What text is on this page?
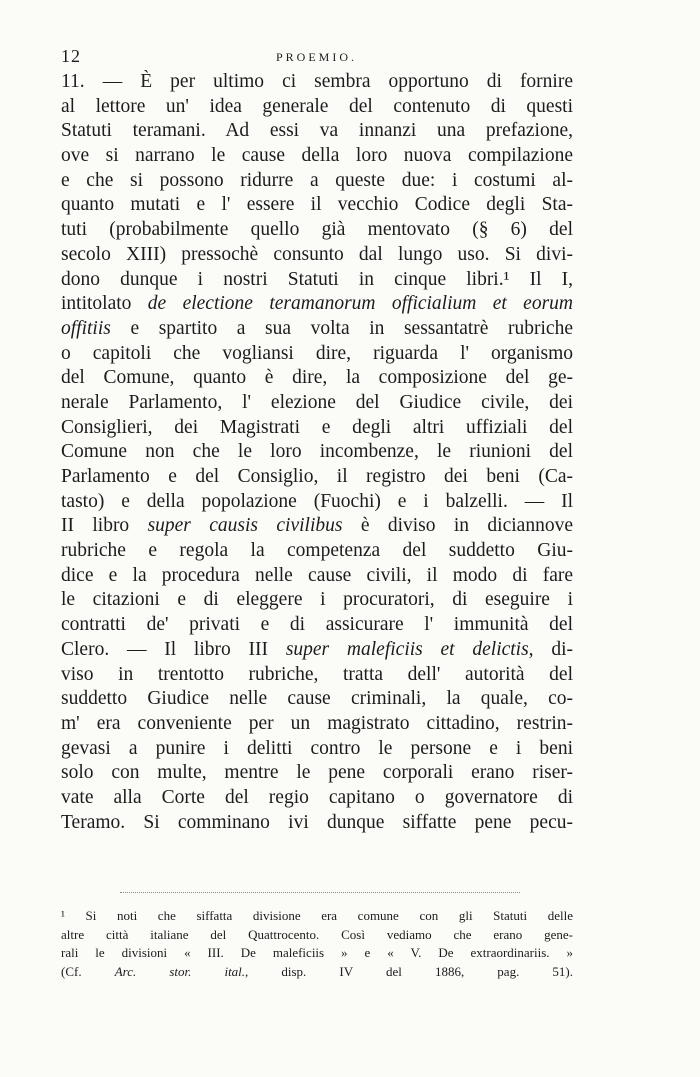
12	PROEMIO.
11. — È per ultimo ci sembra opportuno di fornire
al lettore un' idea generale del contenuto di questi
Statuti teramani. Ad essi va innanzi una prefazione,
ove si narrano le cause della loro nuova compilazione
e che si possono ridurre a queste due: i costumi al-
quanto mutati e l' essere il vecchio Codice degli Sta-
tuti (probabilmente quello già mentovato (§ 6) del
secolo XIII) pressochè consunto dal lungo uso. Si divi-
dono dunque i nostri Statuti in cinque libri.¹ Il I,
intitolato de electione teramanorum officialium et eorum
offitiis e spartito a sua volta in sessantatrè rubriche
o capitoli che vogliansi dire, riguarda l' organismo
del Comune, quanto è dire, la composizione del ge-
nerale Parlamento, l' elezione del Giudice civile, dei
Consiglieri, dei Magistrati e degli altri uffiziali del
Comune non che le loro incombenze, le riunioni del
Parlamento e del Consiglio, il registro dei beni (Ca-
tasto) e della popolazione (Fuochi) e i balzelli. — Il
II libro super causis civilibus è diviso in diciannove
rubriche e regola la competenza del suddetto Giu-
dice e la procedura nelle cause civili, il modo di fare
le citazioni e di eleggere i procuratori, di eseguire i
contratti de' privati e di assicurare l' immunità del
Clero. — Il libro III super maleficiis et delictis, di-
viso in trentotto rubriche, tratta dell' autorità del
suddetto Giudice nelle cause criminali, la quale, co-
m' era conveniente per un magistrato cittadino, restrin-
gevasi a punire i delitti contro le persone e i beni
solo con multe, mentre le pene corporali erano riser-
vate alla Corte del regio capitano o governatore di
Teramo. Si comminano ivi dunque siffatte pene pecu-
¹ Si noti che siffatta divisione era comune con gli Statuti delle
altre città italiane del Quattrocento. Così vediamo che erano gene-
rali le divisioni « III. De maleficiis » e « V. De extraordinariis. »
(Cf. Arc. stor. ital., disp. IV del 1886, pag. 51).
